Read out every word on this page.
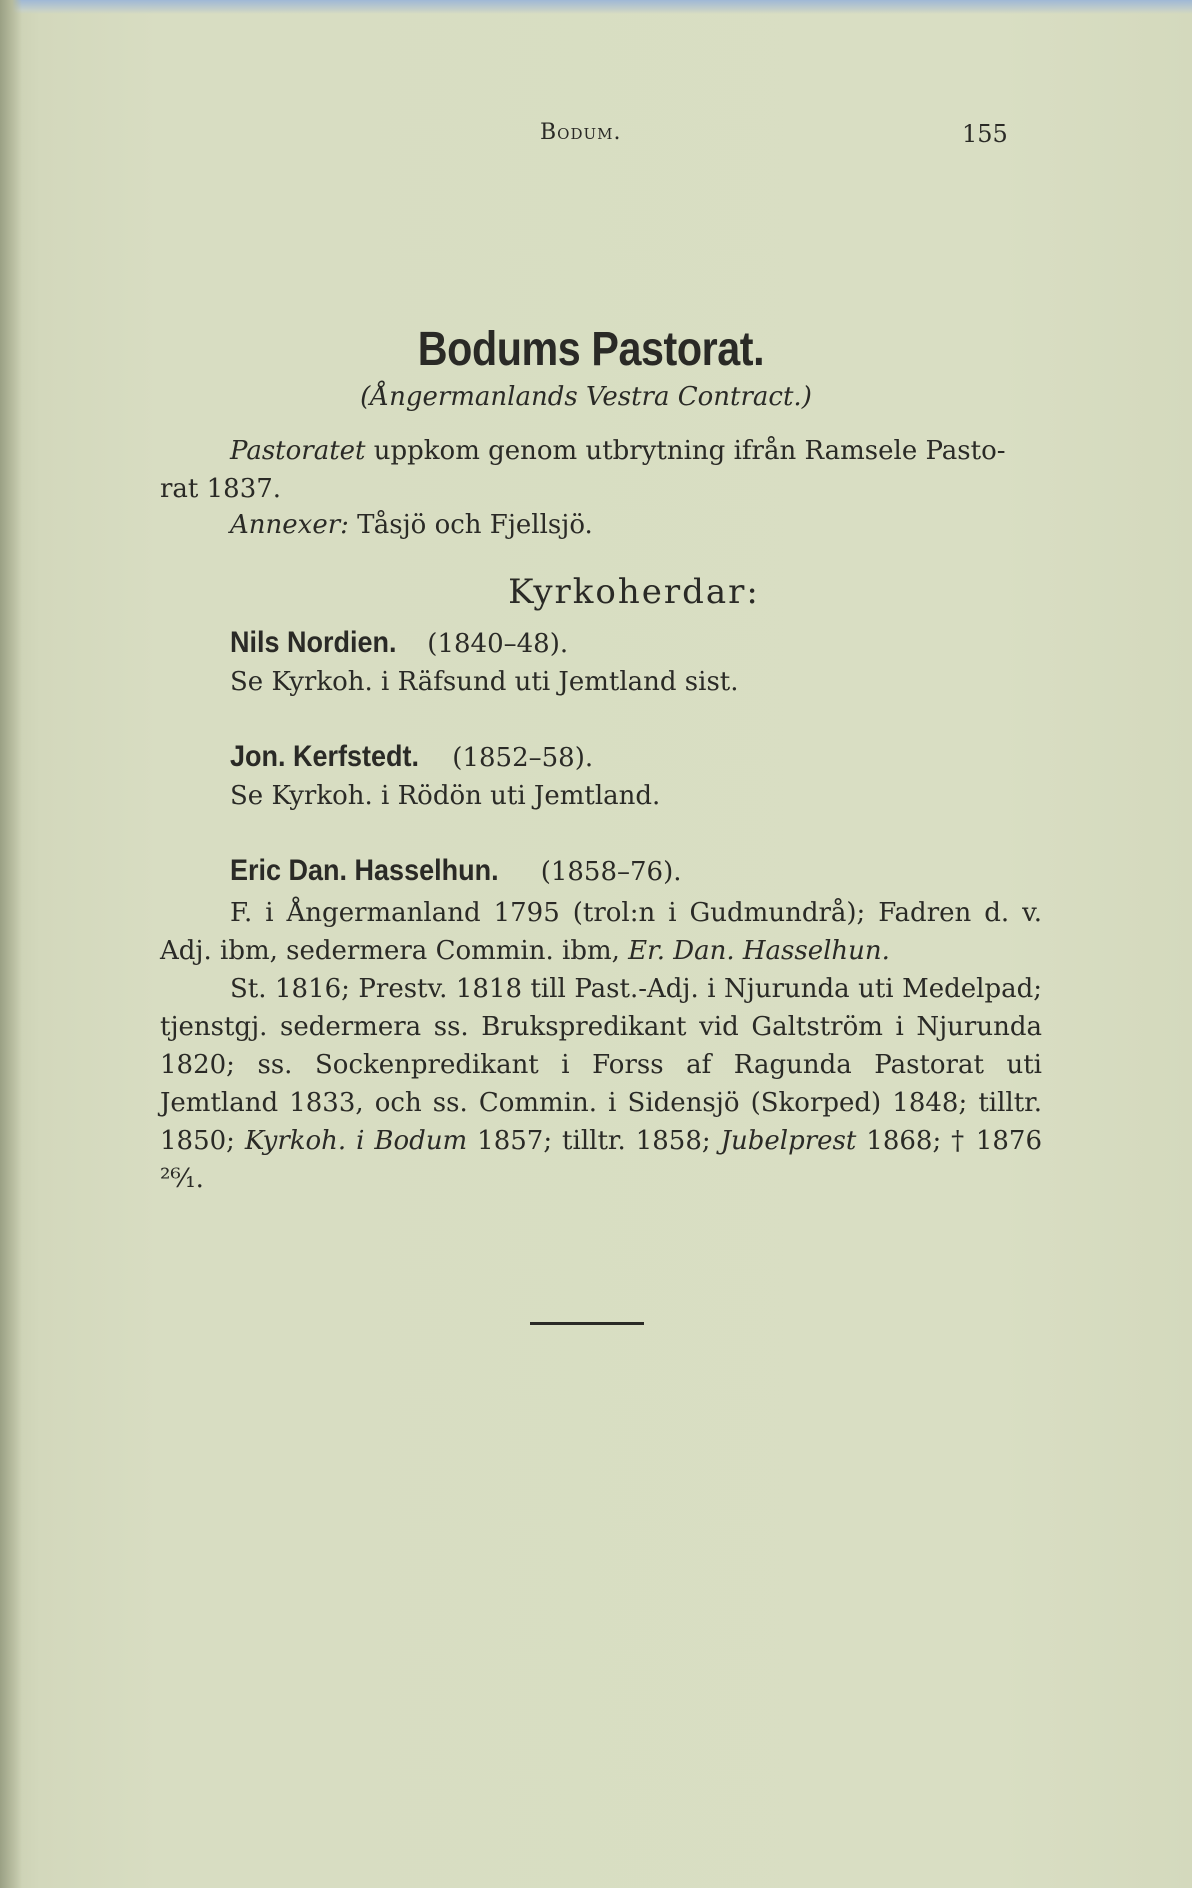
Bodum.	155
Bodums Pastorat.
(Ångermanlands Vestra Contract.)
Pastoratet uppkom genom utbrytning ifrån Ramsele Pasto-
rat 1837.
Annexer: Tåsjö och Fjellsjö.
Kyrkoherdar:
Nils Nordien. (1840–48).
Se Kyrkoh. i Räfsund uti Jemtland sist.
Jon. Kerfstedt. (1852–58).
Se Kyrkoh. i Rödön uti Jemtland.
Eric Dan. Hasselhun. (1858–76).
F. i Ångermanland 1795 (trol:n i Gudmundrå); Fadren d. v. Adj. ibm, sedermera Commin. ibm, Er. Dan. Hasselhun.
St. 1816; Prestv. 1818 till Past.-Adj. i Njurunda uti Medelpad; tjenstgj. sedermera ss. Brukspredikant vid Galtström i Njurunda 1820; ss. Sockenpredikant i Forss af Ragunda Pastorat uti Jemtland 1833, och ss. Commin. i Sidensjö (Skorped) 1848; tilltr. 1850; Kyrkoh. i Bodum 1857; tilltr. 1858; Jubelprest 1868; † 1876 ²⁶⁄₁.
